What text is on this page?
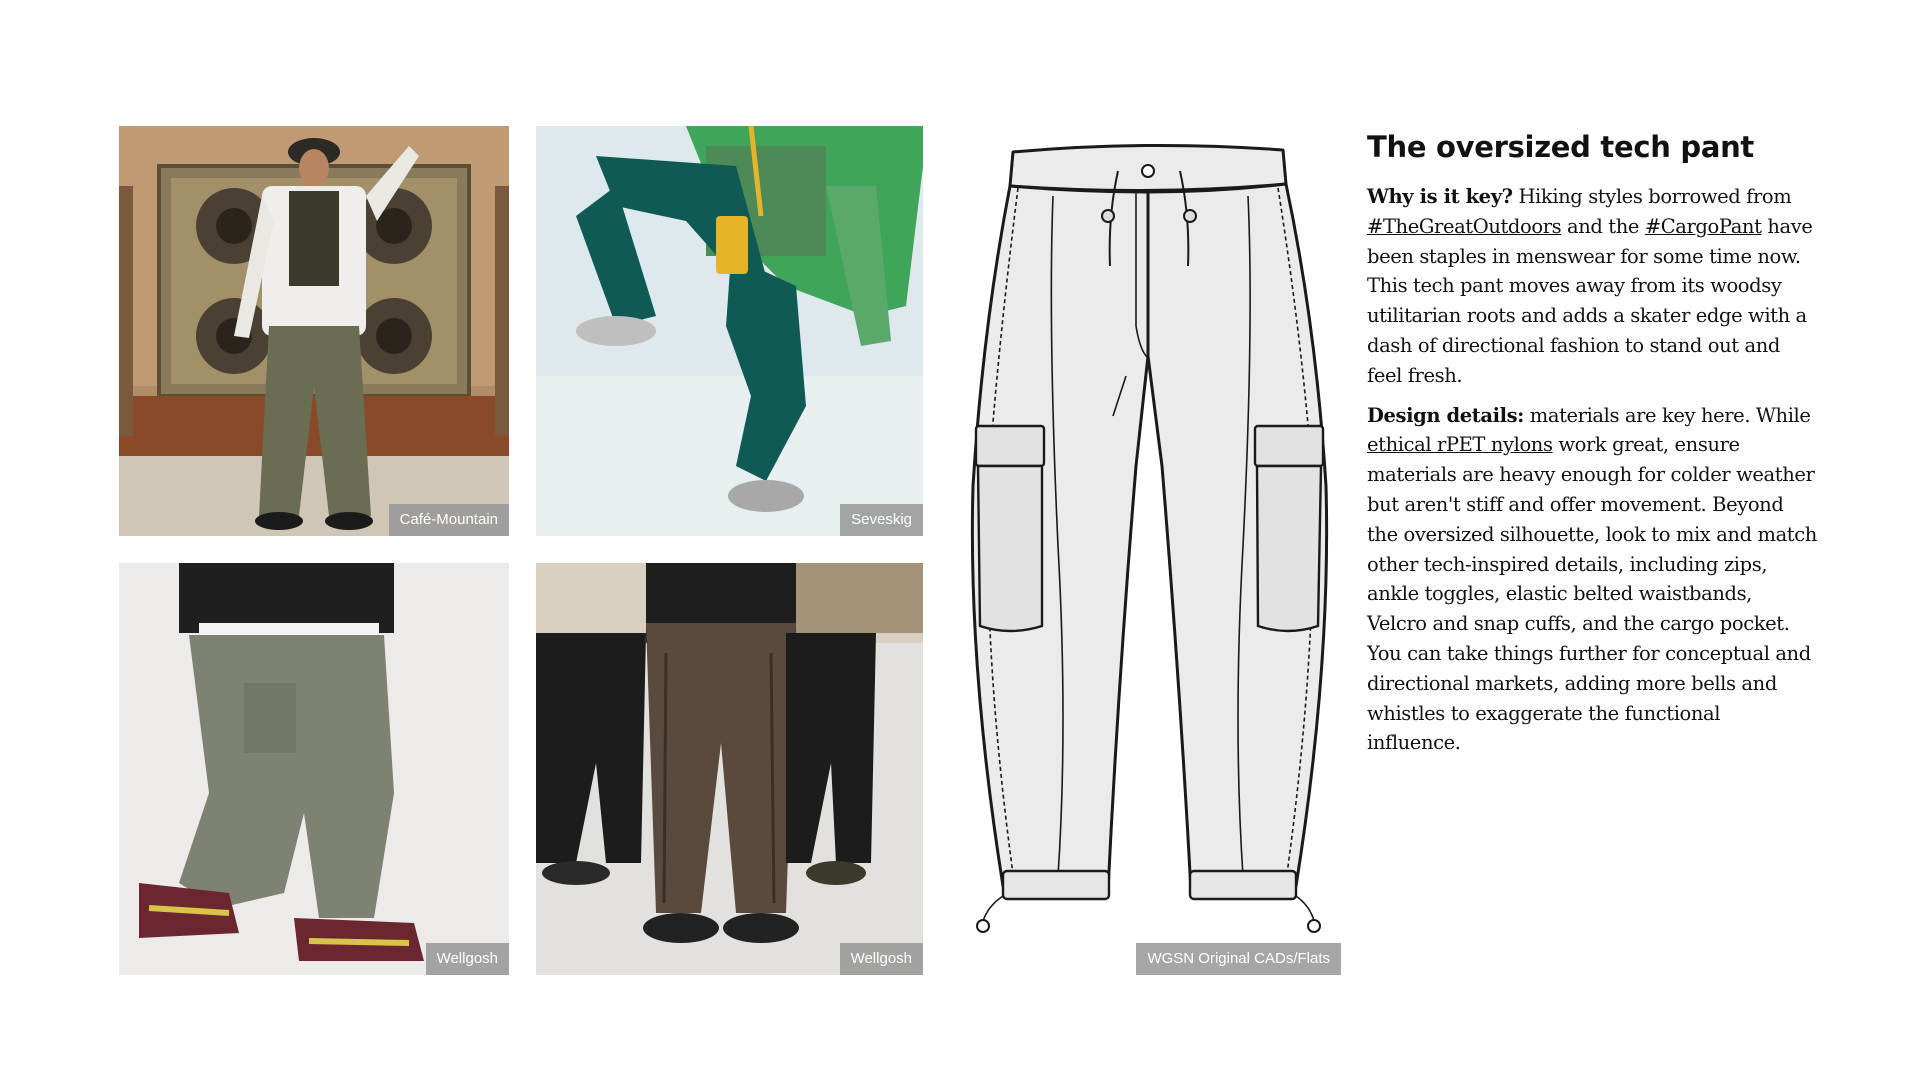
Café-Mountain	Seveskig
Wellgosh	Wellgosh	WGSN Original CADs/Flats
The oversized tech pant

Why is it key? Hiking styles borrowed from #TheGreatOutdoors and the #CargoPant have been staples in menswear for some time now. This tech pant moves away from its woodsy utilitarian roots and adds a skater edge with a dash of directional fashion to stand out and feel fresh.

Design details: materials are key here. While ethical rPET nylons work great, ensure materials are heavy enough for colder weather but aren't stiff and offer movement. Beyond the oversized silhouette, look to mix and match other tech-inspired details, including zips, ankle toggles, elastic belted waistbands, Velcro and snap cuffs, and the cargo pocket. You can take things further for conceptual and directional markets, adding more bells and whistles to exaggerate the functional influence.
